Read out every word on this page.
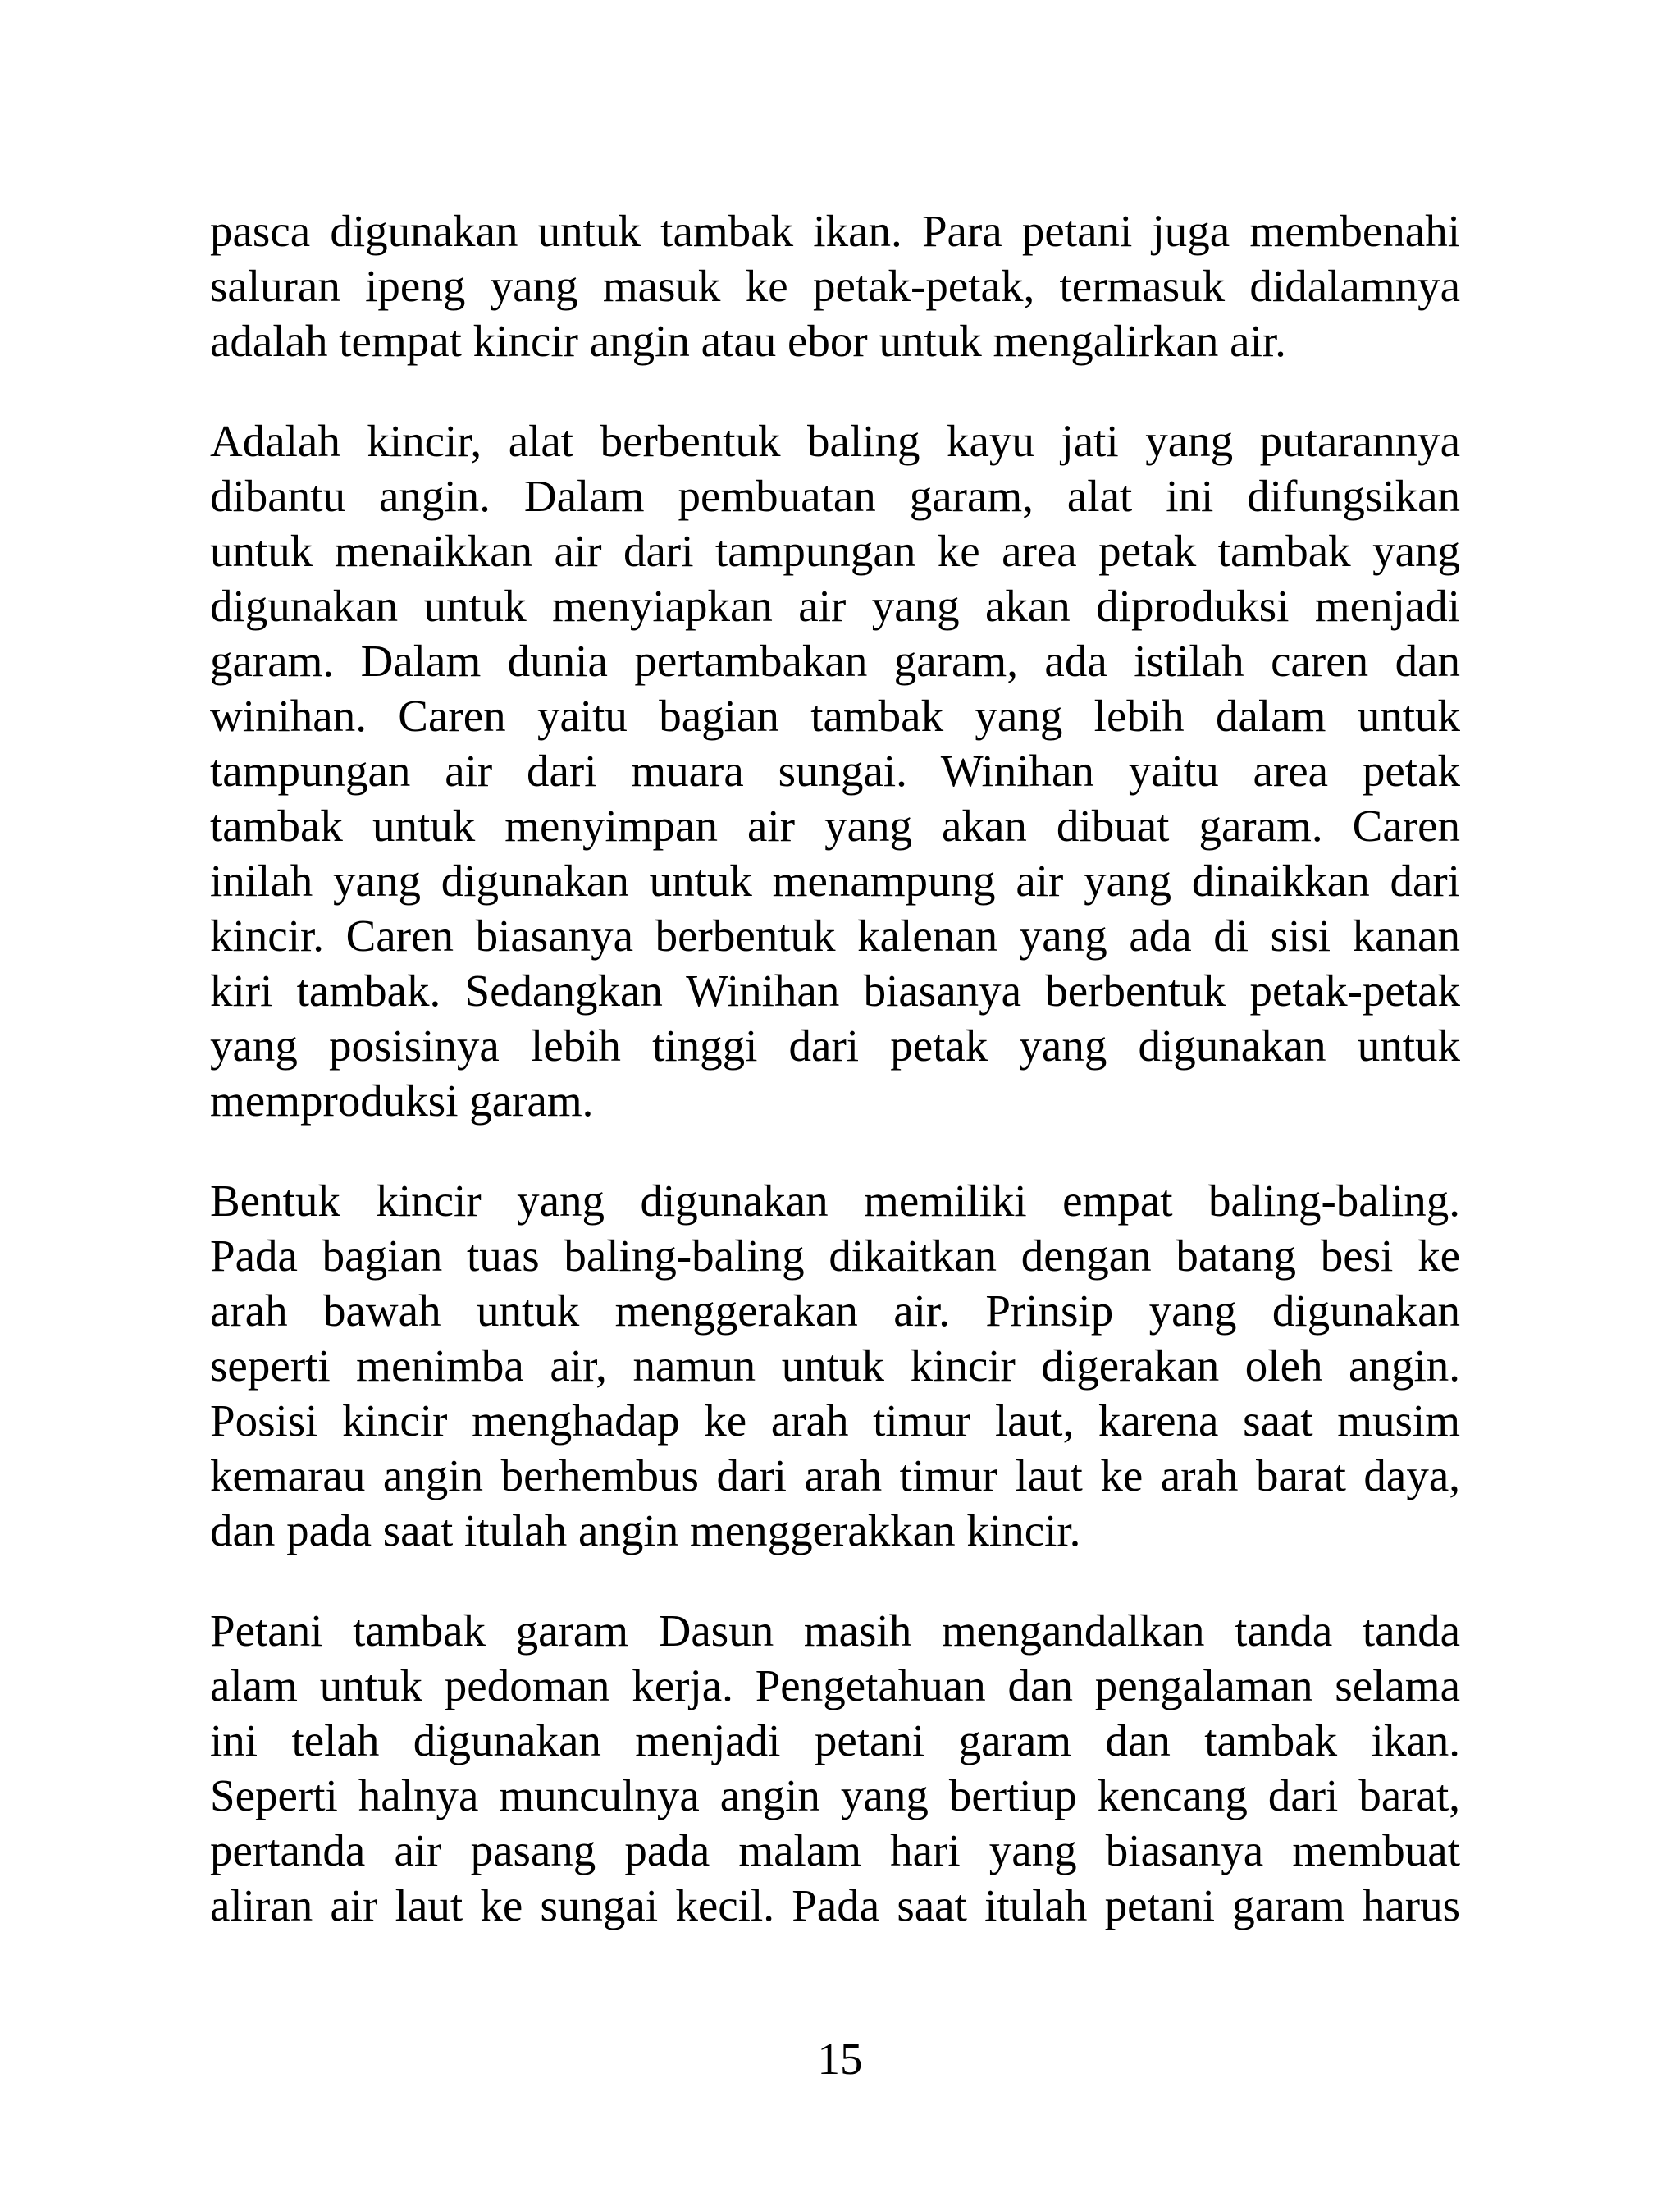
pasca digunakan untuk tambak ikan. Para petani juga membenahi
saluran ipeng yang masuk ke petak-petak, termasuk didalamnya
adalah tempat kincir angin atau ebor untuk mengalirkan air.
Adalah kincir, alat berbentuk baling kayu jati yang putarannya
dibantu angin. Dalam pembuatan garam, alat ini difungsikan
untuk menaikkan air dari tampungan ke area petak tambak yang
digunakan untuk menyiapkan air yang akan diproduksi menjadi
garam. Dalam dunia pertambakan garam, ada istilah caren dan
winihan. Caren yaitu bagian tambak yang lebih dalam untuk
tampungan air dari muara sungai. Winihan yaitu area petak
tambak untuk menyimpan air yang akan dibuat garam. Caren
inilah yang digunakan untuk menampung air yang dinaikkan dari
kincir. Caren biasanya berbentuk kalenan yang ada di sisi kanan
kiri tambak. Sedangkan Winihan biasanya berbentuk petak-petak
yang posisinya lebih tinggi dari petak yang digunakan untuk
memproduksi garam.
Bentuk kincir yang digunakan memiliki empat baling-baling.
Pada bagian tuas baling-baling dikaitkan dengan batang besi ke
arah bawah untuk menggerakan air. Prinsip yang digunakan
seperti menimba air, namun untuk kincir digerakan oleh angin.
Posisi kincir menghadap ke arah timur laut, karena saat musim
kemarau angin berhembus dari arah timur laut ke arah barat daya,
dan pada saat itulah angin menggerakkan kincir.
Petani tambak garam Dasun masih mengandalkan tanda tanda
alam untuk pedoman kerja. Pengetahuan dan pengalaman selama
ini telah digunakan menjadi petani garam dan tambak ikan.
Seperti halnya munculnya angin yang bertiup kencang dari barat,
pertanda air pasang pada malam hari yang biasanya membuat
aliran air laut ke sungai kecil. Pada saat itulah petani garam harus
15
